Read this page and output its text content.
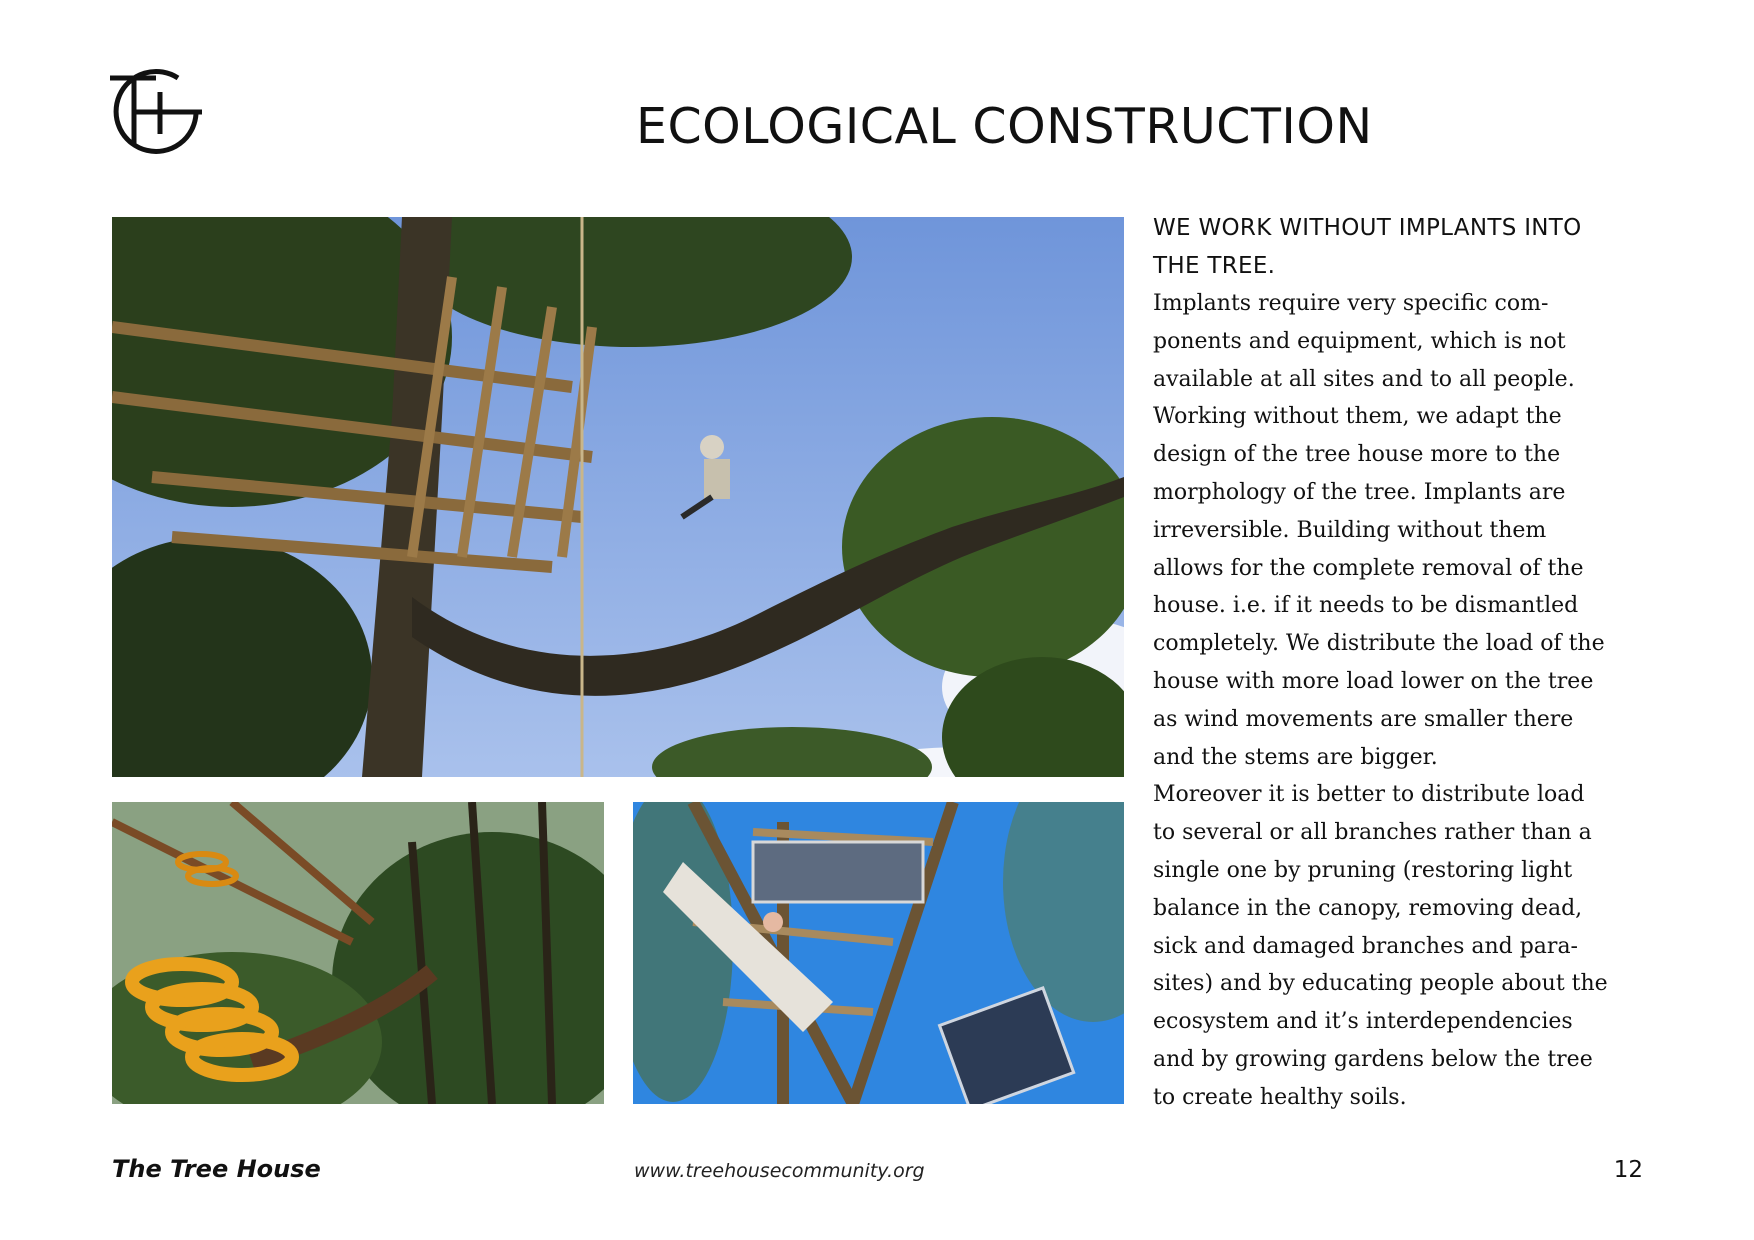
ECOLOGICAL CONSTRUCTION
WE WORK WITHOUT IMPLANTS INTO
THE TREE.

Implants require very specific com-
ponents and equipment, which is not
available at all sites and to all people.
Working without them, we adapt the
design of the tree house more to the
morphology of the tree. Implants are
irreversible. Building without them
allows for the complete removal of the
house. i.e. if it needs to be dismantled
completely. We distribute the load of the
house with more load lower on the tree
as wind movements are smaller there
and the stems are bigger.
Moreover it is better to distribute load
to several or all branches rather than a
single one by pruning (restoring light
balance in the canopy, removing dead,
sick and damaged branches and para-
sites) and by educating people about the
ecosystem and it’s interdependencies
and by growing gardens below the tree
to create healthy soils.

The Tree House	www.treehousecommunity.org	12
